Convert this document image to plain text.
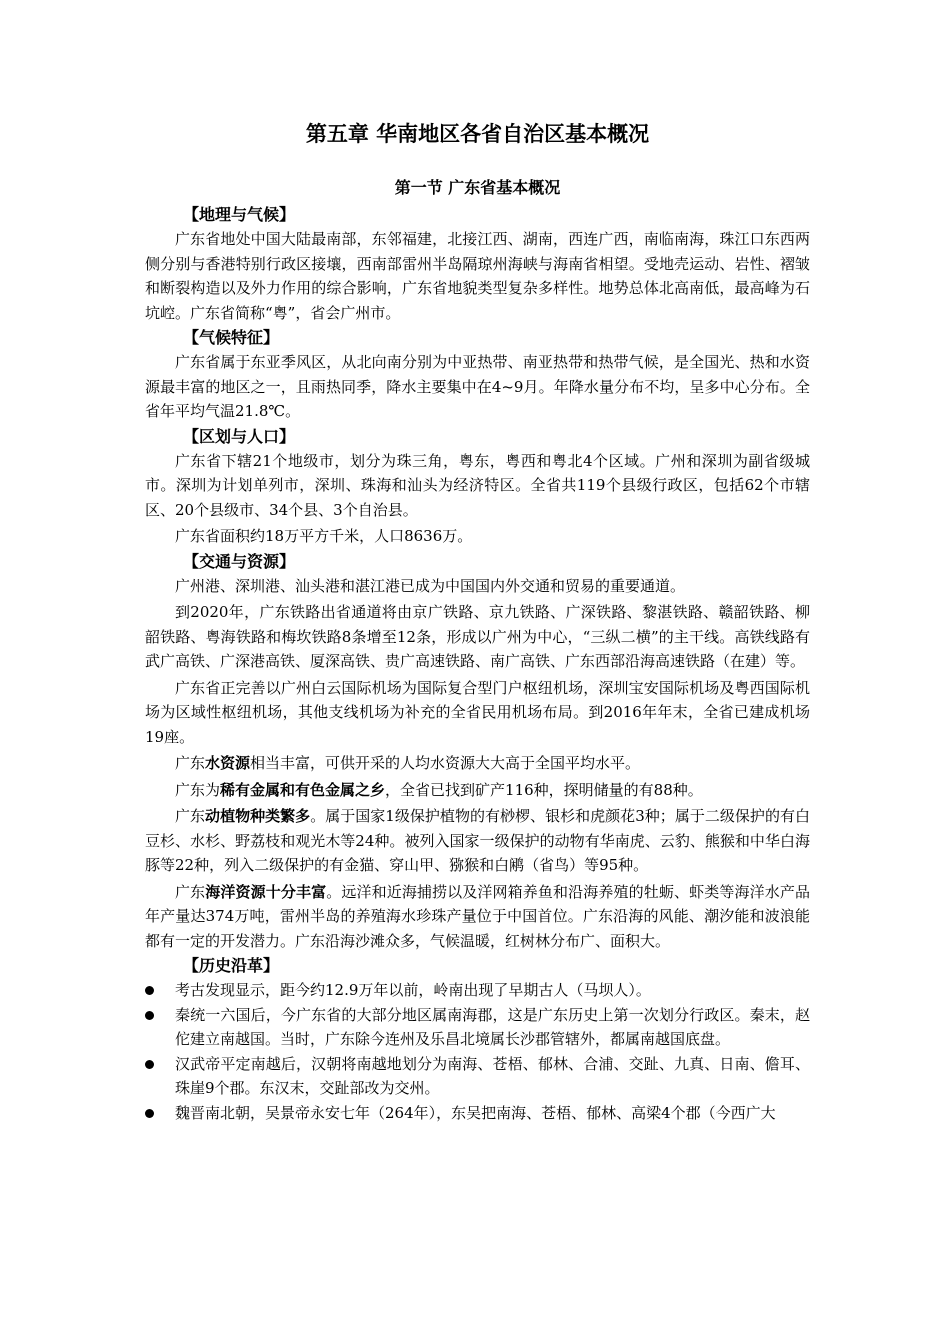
第五章 华南地区各省自治区基本概况
第一节 广东省基本概况
【地理与气候】

广东省地处中国大陆最南部，东邻福建，北接江西、湖南，西连广西，南临南海，珠江口东西两侧分别与香港特别行政区接壤，西南部雷州半岛隔琼州海峡与海南省相望。受地壳运动、岩性、褶皱和断裂构造以及外力作用的综合影响，广东省地貌类型复杂多样性。地势总体北高南低，最高峰为石坑崆。广东省简称“粤”，省会广州市。

【气候特征】

广东省属于东亚季风区，从北向南分别为中亚热带、南亚热带和热带气候，是全国光、热和水资源最丰富的地区之一，且雨热同季，降水主要集中在4~9月。年降水量分布不均，呈多中心分布。全省年平均气温21.8℃。

【区划与人口】

广东省下辖21个地级市，划分为珠三角，粤东，粤西和粤北4个区域。广州和深圳为副省级城市。深圳为计划单列市，深圳、珠海和汕头为经济特区。全省共119个县级行政区，包括62个市辖区、20个县级市、34个县、3个自治县。

广东省面积约18万平方千米，人口8636万。

【交通与资源】

广州港、深圳港、汕头港和湛江港已成为中国国内外交通和贸易的重要通道。

到2020年，广东铁路出省通道将由京广铁路、京九铁路、广深铁路、黎湛铁路、赣韶铁路、柳韶铁路、粤海铁路和梅坎铁路8条增至12条，形成以广州为中心，“三纵二横”的主干线。高铁线路有武广高铁、广深港高铁、厦深高铁、贵广高速铁路、南广高铁、广东西部沿海高速铁路（在建）等。

广东省正完善以广州白云国际机场为国际复合型门户枢纽机场，深圳宝安国际机场及粤西国际机场为区域性枢纽机场，其他支线机场为补充的全省民用机场布局。到2016年年末，全省已建成机场19座。

广东水资源相当丰富，可供开采的人均水资源大大高于全国平均水平。

广东为稀有金属和有色金属之乡，全省已找到矿产116种，探明储量的有88种。

广东动植物种类繁多。属于国家1级保护植物的有桫椤、银杉和虎颜花3种；属于二级保护的有白豆杉、水杉、野荔枝和观光木等24种。被列入国家一级保护的动物有华南虎、云豹、熊猴和中华白海豚等22种，列入二级保护的有金猫、穿山甲、猕猴和白鹇（省鸟）等95种。

广东海洋资源十分丰富。远洋和近海捕捞以及洋网箱养鱼和沿海养殖的牡蛎、虾类等海洋水产品年产量达374万吨，雷州半岛的养殖海水珍珠产量位于中国首位。广东沿海的风能、潮汐能和波浪能都有一定的开发潜力。广东沿海沙滩众多，气候温暖，红树林分布广、面积大。

【历史沿革】
考古发现显示，距今约12.9万年以前，岭南出现了早期古人（马坝人）。
秦统一六国后，今广东省的大部分地区属南海郡，这是广东历史上第一次划分行政区。秦末，赵佗建立南越国。当时，广东除今连州及乐昌北境属长沙郡管辖外，都属南越国底盘。
汉武帝平定南越后，汉朝将南越地划分为南海、苍梧、郁林、合浦、交趾、九真、日南、儋耳、珠崖9个郡。东汉末，交趾部改为交州。
魏晋南北朝，吴景帝永安七年（264年），东吴把南海、苍梧、郁林、高梁4个郡（今西广大
